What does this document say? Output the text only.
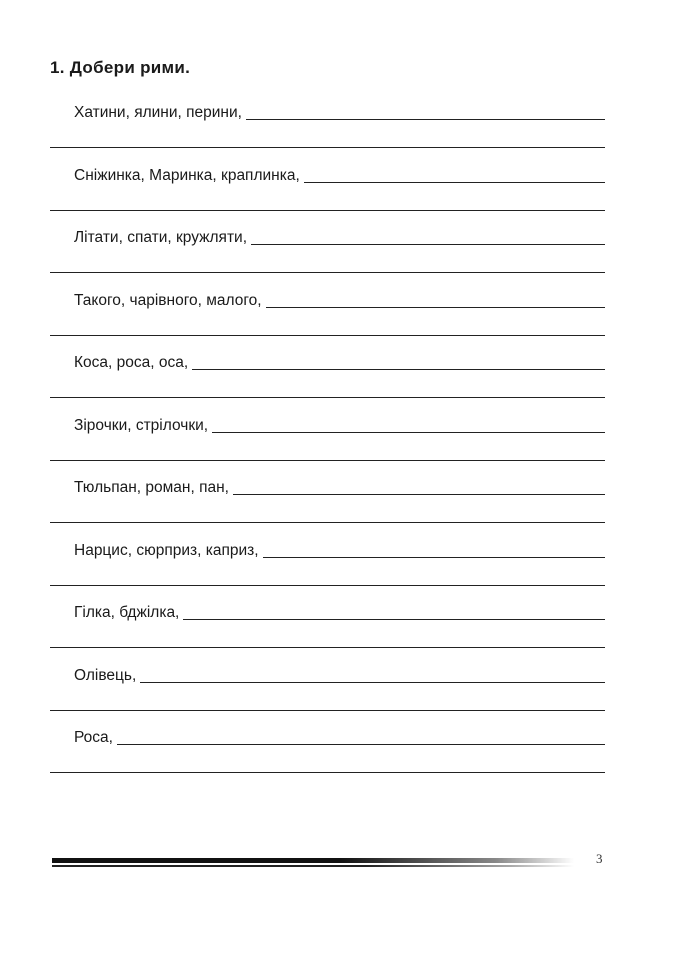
1. Добери рими.
Хатини, ялини, перини,
Сніжинка, Маринка, краплинка,
Літати, спати, кружляти,
Такого, чарівного, малого,
Коса, роса, оса,
Зірочки, стрілочки,
Тюльпан, роман, пан,
Нарцис, сюрприз, каприз,
Гілка, бджілка,
Олівець,
Роса,
3
